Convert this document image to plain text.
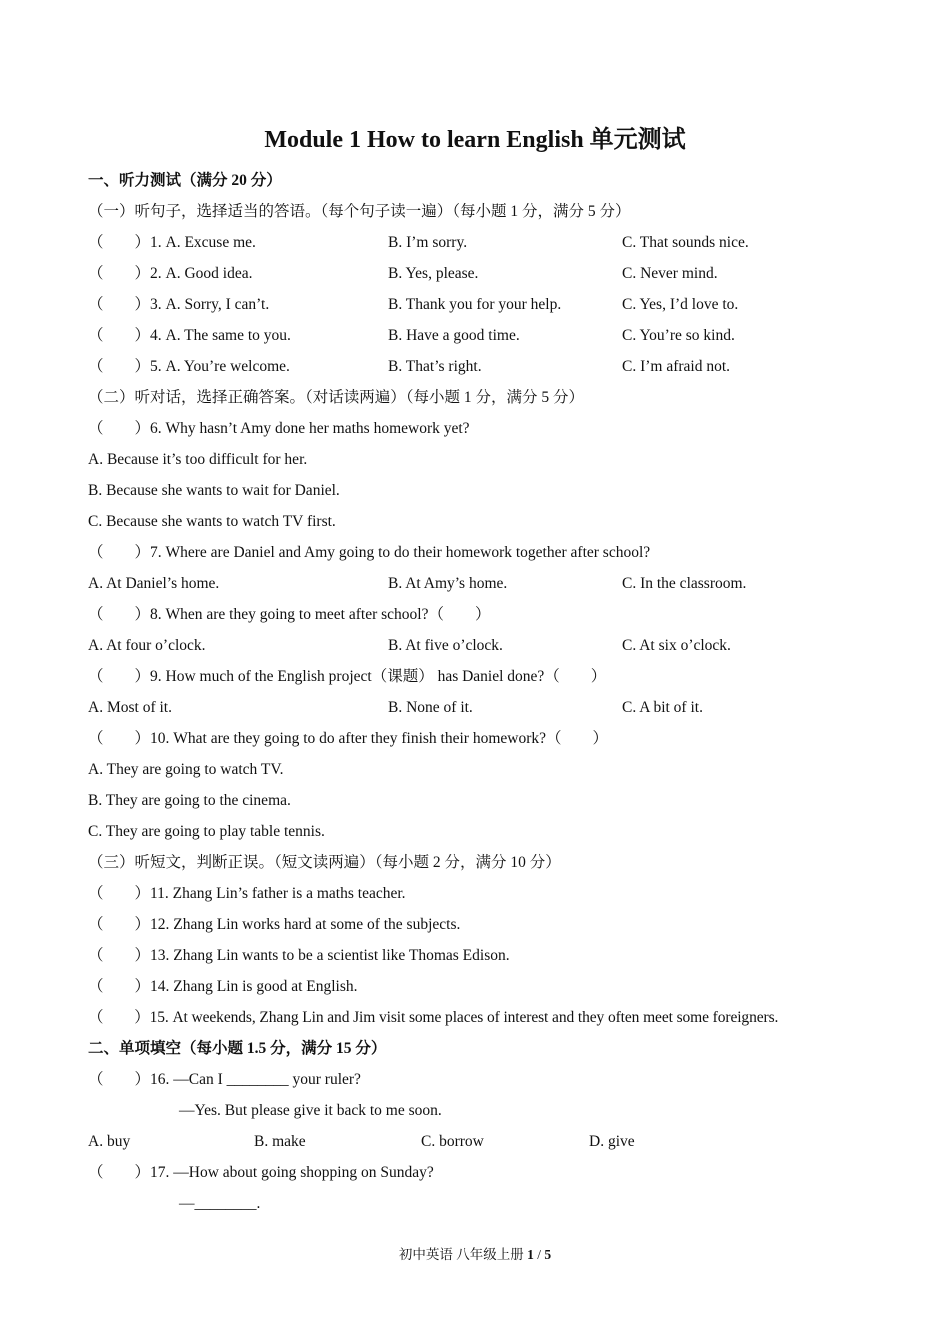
Module 1 How to learn English 单元测试
一、听力测试（满分 20 分）
（一）听句子，选择适当的答语。（每个句子读一遍）（每小题 1 分，满分 5 分）
（　　）1. A. Excuse me.	B. I’m sorry.	C. That sounds nice.
（　　）2. A. Good idea.	B. Yes, please.	C. Never mind.
（　　）3. A. Sorry, I can’t.	B. Thank you for your help.	C. Yes, I’d love to.
（　　）4. A. The same to you.	B. Have a good time.	C. You’re so kind.
（　　）5. A. You’re welcome.	B. That’s right.	C. I’m afraid not.
（二）听对话，选择正确答案。（对话读两遍）（每小题 1 分，满分 5 分）
（　　）6. Why hasn’t Amy done her maths homework yet?
A. Because it’s too difficult for her.
B. Because she wants to wait for Daniel.
C. Because she wants to watch TV first.
（　　）7. Where are Daniel and Amy going to do their homework together after school?
A. At Daniel’s home.	B. At Amy’s home.	C. In the classroom.
（　　）8. When are they going to meet after school?（　　）
A. At four o’clock.	B. At five o’clock.	C. At six o’clock.
（　　）9. How much of the English project（课题） has Daniel done?（　　）
A. Most of it.	B. None of it.	C. A bit of it.
（　　）10. What are they going to do after they finish their homework?（　　）
A. They are going to watch TV.
B. They are going to the cinema.
C. They are going to play table tennis.
（三）听短文，判断正误。（短文读两遍）（每小题 2 分，满分 10 分）
（　　）11. Zhang Lin’s father is a maths teacher.
（　　）12. Zhang Lin works hard at some of the subjects.
（　　）13. Zhang Lin wants to be a scientist like Thomas Edison.
（　　）14. Zhang Lin is good at English.
（　　）15. At weekends, Zhang Lin and Jim visit some places of interest and they often meet some foreigners.
二、单项填空（每小题 1.5 分，满分 15 分）
（　　）16. —Can I ________ your ruler?
—Yes. But please give it back to me soon.
A. buy	B. make	C. borrow	D. give
（　　）17. —How about going shopping on Sunday?
—________.
初中英语 八年级上册 1 / 5
